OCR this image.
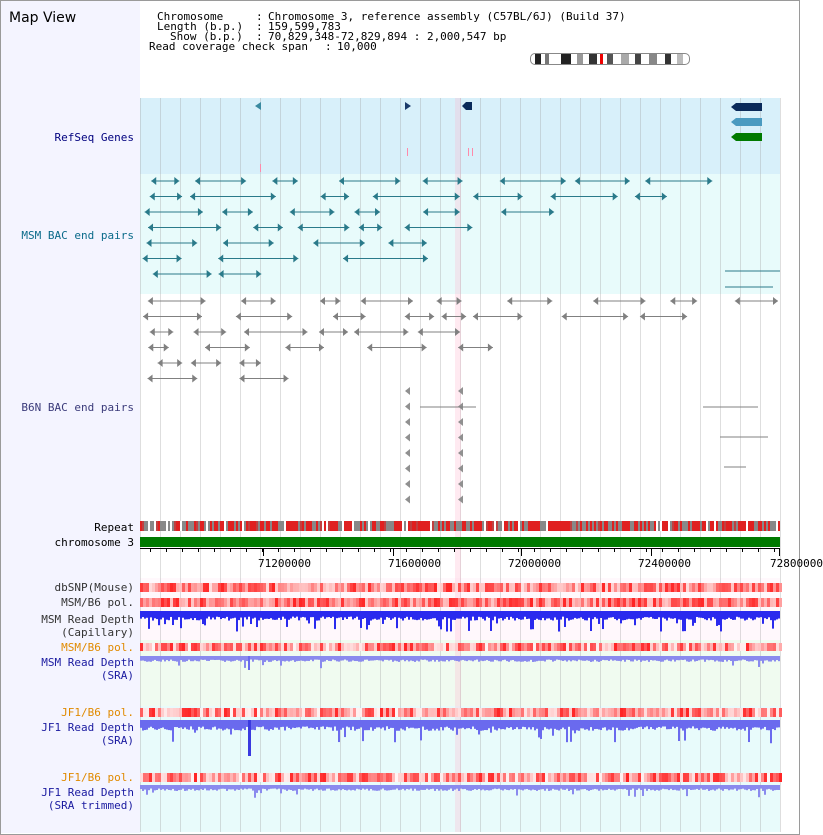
Map View	Chromosome	: Chromosome 3, reference assembly (C57BL/6J) (Build 37)
Length (b.p.) : 159,599,783
Show (b.p.) : 70,829,348-72,829,894 : 2,000,547 bp
Read coverage check span : 10,000
RefSeq Genes
MSM BAC end pairs
B6N BAC end pairs
Repeat
chromosome 3
dbSNP(Mouse)
MSM/B6 pol.
MSM Read Depth
(Capillary)
MSM/B6 pol.
MSM Read Depth
(SRA)
JF1/B6 pol.
JF1 Read Depth
(SRA)
JF1/B6 pol.
JF1 Read Depth
(SRA trimmed)
71200000	71600000	72000000	72400000	72800000
